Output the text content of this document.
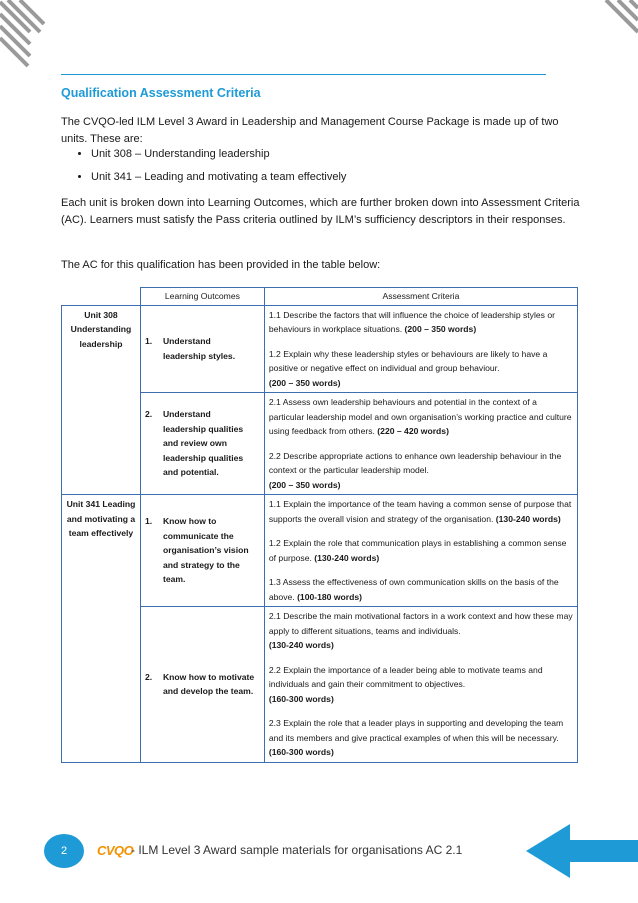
Qualification Assessment Criteria
The CVQO-led ILM Level 3 Award in Leadership and Management Course Package is made up of two units. These are:
• Unit 308 – Understanding leadership
• Unit 341 – Leading and motivating a team effectively
Each unit is broken down into Learning Outcomes, which are further broken down into Assessment Criteria (AC). Learners must satisfy the Pass criteria outlined by ILM’s sufficiency descriptors in their responses.
The AC for this qualification has been provided in the table below:
	Learning Outcomes	Assessment Criteria
Unit 308 Understanding leadership	1. Understand leadership styles.	1.1 Describe the factors that will influence the choice of leadership styles or behaviours in workplace situations. (200 – 350 words)

1.2 Explain why these leadership styles or behaviours are likely to have a positive or negative effect on individual and group behaviour.
(200 – 350 words)

	2. Understand leadership qualities and review own leadership qualities and potential.	2.1 Assess own leadership behaviours and potential in the context of a particular leadership model and own organisation’s working practice and culture using feedback from others. (220 – 420 words)

2.2 Describe appropriate actions to enhance own leadership behaviour in the context or the particular leadership model.
(200 – 350 words)

Unit 341 Leading and motivating a team effectively	1. Know how to communicate the organisation’s vision and strategy to the team.	1.1 Explain the importance of the team having a common sense of purpose that supports the overall vision and strategy of the organisation. (130-240 words)

1.2 Explain the role that communication plays in establishing a common sense of purpose. (130-240 words)

1.3 Assess the effectiveness of own communication skills on the basis of the above. (100-180 words)

	2. Know how to motivate and develop the team.	2.1 Describe the main motivational factors in a work context and how these may apply to different situations, teams and individuals.
(130-240 words)

2.2 Explain the importance of a leader being able to motivate teams and individuals and gain their commitment to objectives.
(160-300 words)

2.3 Explain the role that a leader plays in supporting and developing the team and its members and give practical examples of when this will be necessary. (160-300 words)

2	CVQO
- ILM Level 3 Award sample materials for organisations AC 2.1
